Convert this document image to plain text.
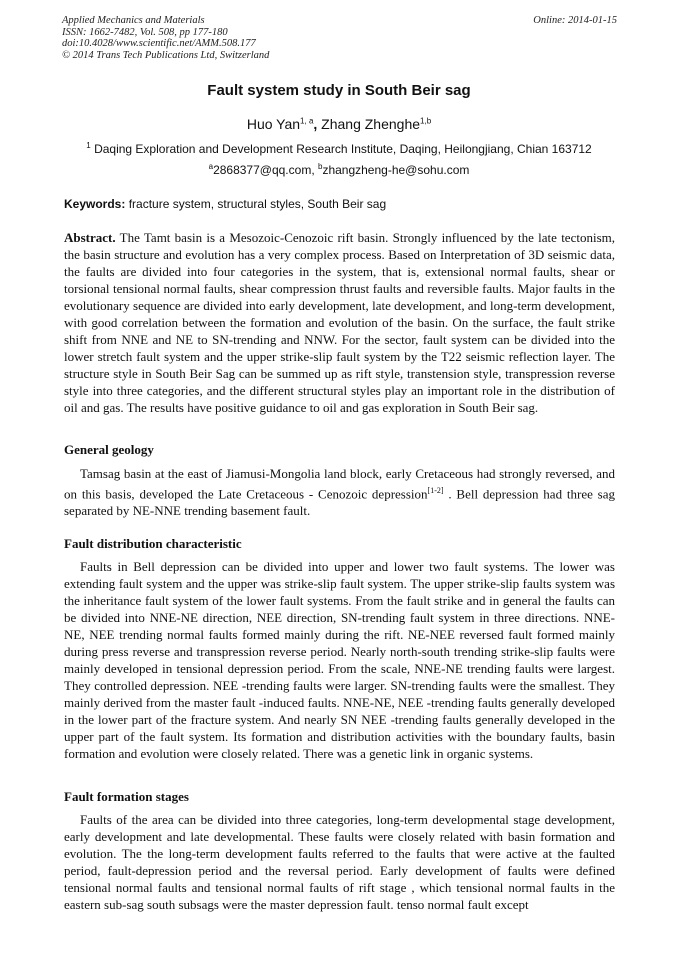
Applied Mechanics and Materials
ISSN: 1662-7482, Vol. 508, pp 177-180
doi:10.4028/www.scientific.net/AMM.508.177
© 2014 Trans Tech Publications Ltd, Switzerland
Online: 2014-01-15
Fault system study in South Beir sag
Huo Yan$^{1, a}$, Zhang Zhenghe$^{1,b}$
$^1$ Daqing Exploration and Development Research Institute, Daqing, Heilongjiang, Chian 163712
$^a$2868377@qq.com, $^b$zhangzheng-he@sohu.com
Keywords: fracture system, structural styles, South Beir sag
Abstract. The Tamt basin is a Mesozoic-Cenozoic rift basin. Strongly influenced by the late tectonism, the basin structure and evolution has a very complex process. Based on Interpretation of 3D seismic data, the faults are divided into four categories in the system, that is, extensional normal faults, shear or torsional tensional normal faults, shear compression thrust faults and reversible faults. Major faults in the evolutionary sequence are divided into early development, late development, and long-term development, with good correlation between the formation and evolution of the basin. On the surface, the fault strike shift from NNE and NE to SN-trending and NNW. For the sector, fault system can be divided into the lower stretch fault system and the upper strike-slip fault system by the T22 seismic reflection layer. The structure style in South Beir Sag can be summed up as rift style, transtension style, transpression reverse style into three categories, and the different structural styles play an important role in the distribution of oil and gas. The results have positive guidance to oil and gas exploration in South Beir sag.
General geology
Tamsag basin at the east of Jiamusi-Mongolia land block, early Cretaceous had strongly reversed, and on this basis, developed the Late Cretaceous - Cenozoic depression[1-2] . Bell depression had three sag separated by NE-NNE trending basement fault.
Fault distribution characteristic
Faults in Bell depression can be divided into upper and lower two fault systems. The lower was extending fault system and the upper was strike-slip fault system. The upper strike-slip faults system was the inheritance fault system of the lower fault systems. From the fault strike and in general the faults can be divided into NNE-NE direction, NEE direction, SN-trending fault system in three directions. NNE-NE, NEE trending normal faults formed mainly during the rift. NE-NEE reversed fault formed mainly during press reverse and transpression reverse period. Nearly north-south trending strike-slip faults were mainly developed in tensional depression period. From the scale, NNE-NE trending faults were largest. They controlled depression. NEE -trending faults were larger. SN-trending faults were the smallest. They mainly derived from the master fault -induced faults. NNE-NE, NEE -trending faults generally developed in the lower part of the fracture system. And nearly SN NEE -trending faults generally developed in the upper part of the fault system. Its formation and distribution activities with the boundary faults, basin formation and evolution were closely related. There was a genetic link in organic systems.
Fault formation stages
Faults of the area can be divided into three categories, long-term developmental stage development, early development and late developmental. These faults were closely related with basin formation and evolution. The the long-term development faults referred to the faults that were active at the faulted period, fault-depression period and the reversal period. Early development of faults were defined tensional normal faults and tensional normal faults of rift stage , which tensional normal faults in the eastern sub-sag south subsags were the master depression fault. tenso normal fault except
